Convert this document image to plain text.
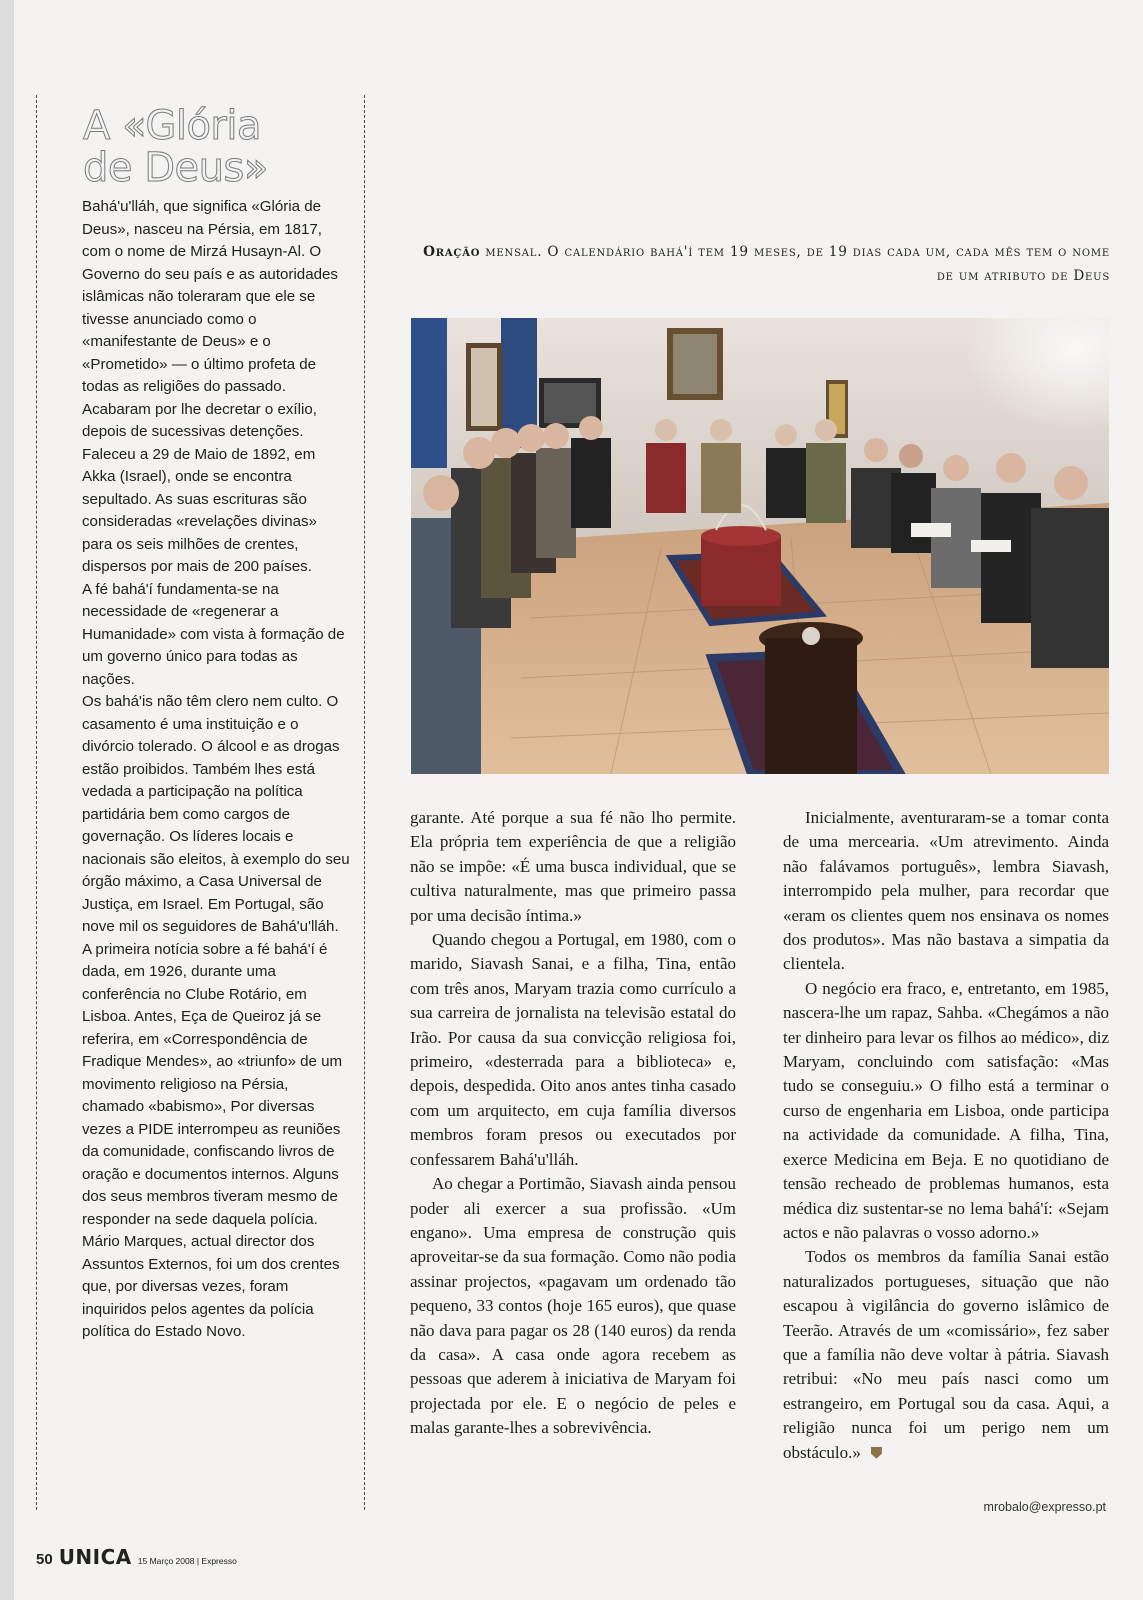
A «Glória
de Deus»

Bahá'u'lláh, que significa «Glória de Deus», nasceu na Pérsia, em 1817, com o nome de Mirzá Husayn-Al. O Governo do seu país e as autoridades islâmicas não toleraram que ele se tivesse anunciado como o «manifestante de Deus» e o «Prometido» — o último profeta de todas as religiões do passado. Acabaram por lhe decretar o exílio, depois de sucessivas detenções. Faleceu a 29 de Maio de 1892, em Akka (Israel), onde se encontra sepultado. As suas escrituras são consideradas «revelações divinas» para os seis milhões de crentes, dispersos por mais de 200 países.

A fé bahá'í fundamenta-se na necessidade de «regenerar a Humanidade» com vista à formação de um governo único para todas as nações.

Os bahá'is não têm clero nem culto. O casamento é uma instituição e o divórcio tolerado. O álcool e as drogas estão proibidos. Também lhes está vedada a participação na política partidária bem como cargos de governação. Os líderes locais e nacionais são eleitos, à exemplo do seu órgão máximo, a Casa Universal de Justiça, em Israel. Em Portugal, são nove mil os seguidores de Bahá'u'lláh. A primeira notícia sobre a fé bahá'í é dada, em 1926, durante uma conferência no Clube Rotário, em Lisboa. Antes, Eça de Queiroz já se referira, em «Correspondência de Fradique Mendes», ao «triunfo» de um movimento religioso na Pérsia, chamado «babismo», Por diversas vezes a PIDE interrompeu as reuniões da comunidade, confiscando livros de oração e documentos internos. Alguns dos seus membros tiveram mesmo de responder na sede daquela polícia. Mário Marques, actual director dos Assuntos Externos, foi um dos crentes que, por diversas vezes, foram inquiridos pelos agentes da polícia política do Estado Novo.

Oração mensal. O calendário bahá'í tem 19 meses, de 19 dias cada um, cada mês tem o nome de um atributo de Deus

garante. Até porque a sua fé não lho permite. Ela própria tem experiência de que a religião não se impõe: «É uma busca individual, que se cultiva naturalmente, mas que primeiro passa por uma decisão íntima.»

Quando chegou a Portugal, em 1980, com o marido, Siavash Sanai, e a filha, Tina, então com três anos, Maryam trazia como currículo a sua carreira de jornalista na televisão estatal do Irão. Por causa da sua convicção religiosa foi, primeiro, «desterrada para a biblioteca» e, depois, despedida. Oito anos antes tinha casado com um arquitecto, em cuja família diversos membros foram presos ou executados por confessarem Bahá'u'lláh.

Ao chegar a Portimão, Siavash ainda pensou poder ali exercer a sua profissão. «Um engano». Uma empresa de construção quis aproveitar-se da sua formação. Como não podia assinar projectos, «pagavam um ordenado tão pequeno, 33 contos (hoje 165 euros), que quase não dava para pagar os 28 (140 euros) da renda da casa». A casa onde agora recebem as pessoas que aderem à iniciativa de Maryam foi projectada por ele. E o negócio de peles e malas garante-lhes a sobrevivência.

Inicialmente, aventuraram-se a tomar conta de uma mercearia. «Um atrevimento. Ainda não falávamos português», lembra Siavash, interrompido pela mulher, para recordar que «eram os clientes quem nos ensinava os nomes dos produtos». Mas não bastava a simpatia da clientela.

O negócio era fraco, e, entretanto, em 1985, nascera-lhe um rapaz, Sahba. «Chegámos a não ter dinheiro para levar os filhos ao médico», diz Maryam, concluindo com satisfação: «Mas tudo se conseguiu.» O filho está a terminar o curso de engenharia em Lisboa, onde participa na actividade da comunidade. A filha, Tina, exerce Medicina em Beja. E no quotidiano de tensão recheado de problemas humanos, esta médica diz sustentar-se no lema bahá'í: «Sejam actos e não palavras o vosso adorno.»

Todos os membros da família Sanai estão naturalizados portugueses, situação que não escapou à vigilância do governo islâmico de Teerão. Através de um «comissário», fez saber que a família não deve voltar à pátria. Siavash retribui: «No meu país nasci como um estrangeiro, em Portugal sou da casa. Aqui, a religião nunca foi um perigo nem um obstáculo.»

mrobalo@expresso.pt
50 UNICA 15 Março 2008 | Expresso
